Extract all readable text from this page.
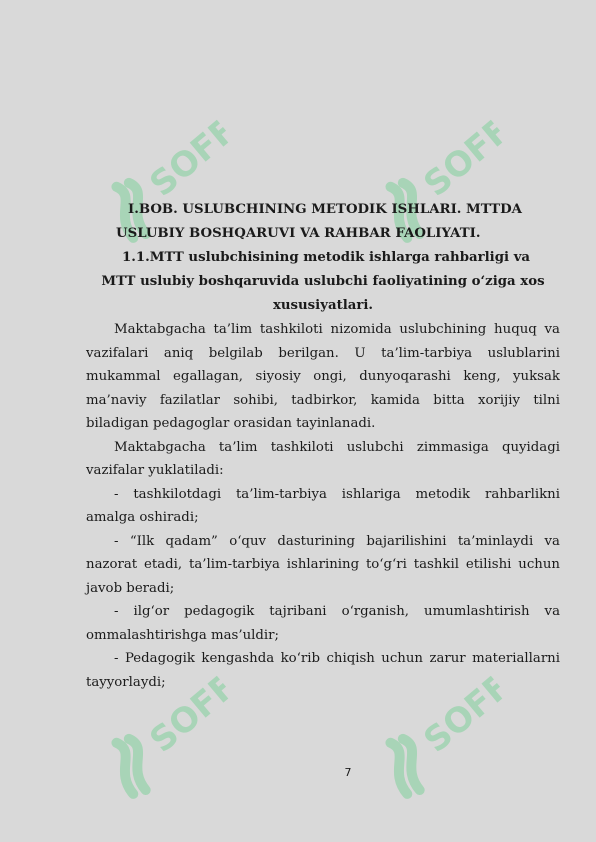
SOFF	SOFF
SOFF	SOFF
I.BOB. USLUBCHINING METODIK ISHLARI. MTTDA
USLUBIY BOSHQARUVI VA RAHBAR FAOLIYATI.
1.1.MTT uslubchisining metodik ishlarga rahbarligi va
MTT uslubiy boshqaruvida uslubchi faoliyatining o‘ziga xos
xususiyatlari.

Maktabgacha ta’lim tashkiloti nizomida uslubchining huquq va vazifalari aniq belgilab berilgan. U ta’lim-tarbiya uslublarini mukammal egallagan, siyosiy ongi, dunyoqarashi keng, yuksak ma’naviy fazilatlar sohibi, tadbirkor, kamida bitta xorijiy tilni biladigan pedagoglar orasidan tayinlanadi.

Maktabgacha ta’lim tashkiloti uslubchi zimmasiga quyidagi vazifalar yuklatiladi:

- tashkilotdagi ta’lim-tarbiya ishlariga metodik rahbarlikni amalga oshiradi;

- “Ilk qadam” o‘quv dasturining bajarilishini ta’minlaydi va nazorat etadi, ta’lim-tarbiya ishlarining to‘g‘ri tashkil etilishi uchun javob beradi;

- ilg‘or pedagogik tajribani o‘rganish, umumlashtirish va ommalashtirishga mas’uldir;

- Pedagogik kengashda ko‘rib chiqish uchun zarur materiallarni tayyorlaydi;

7
